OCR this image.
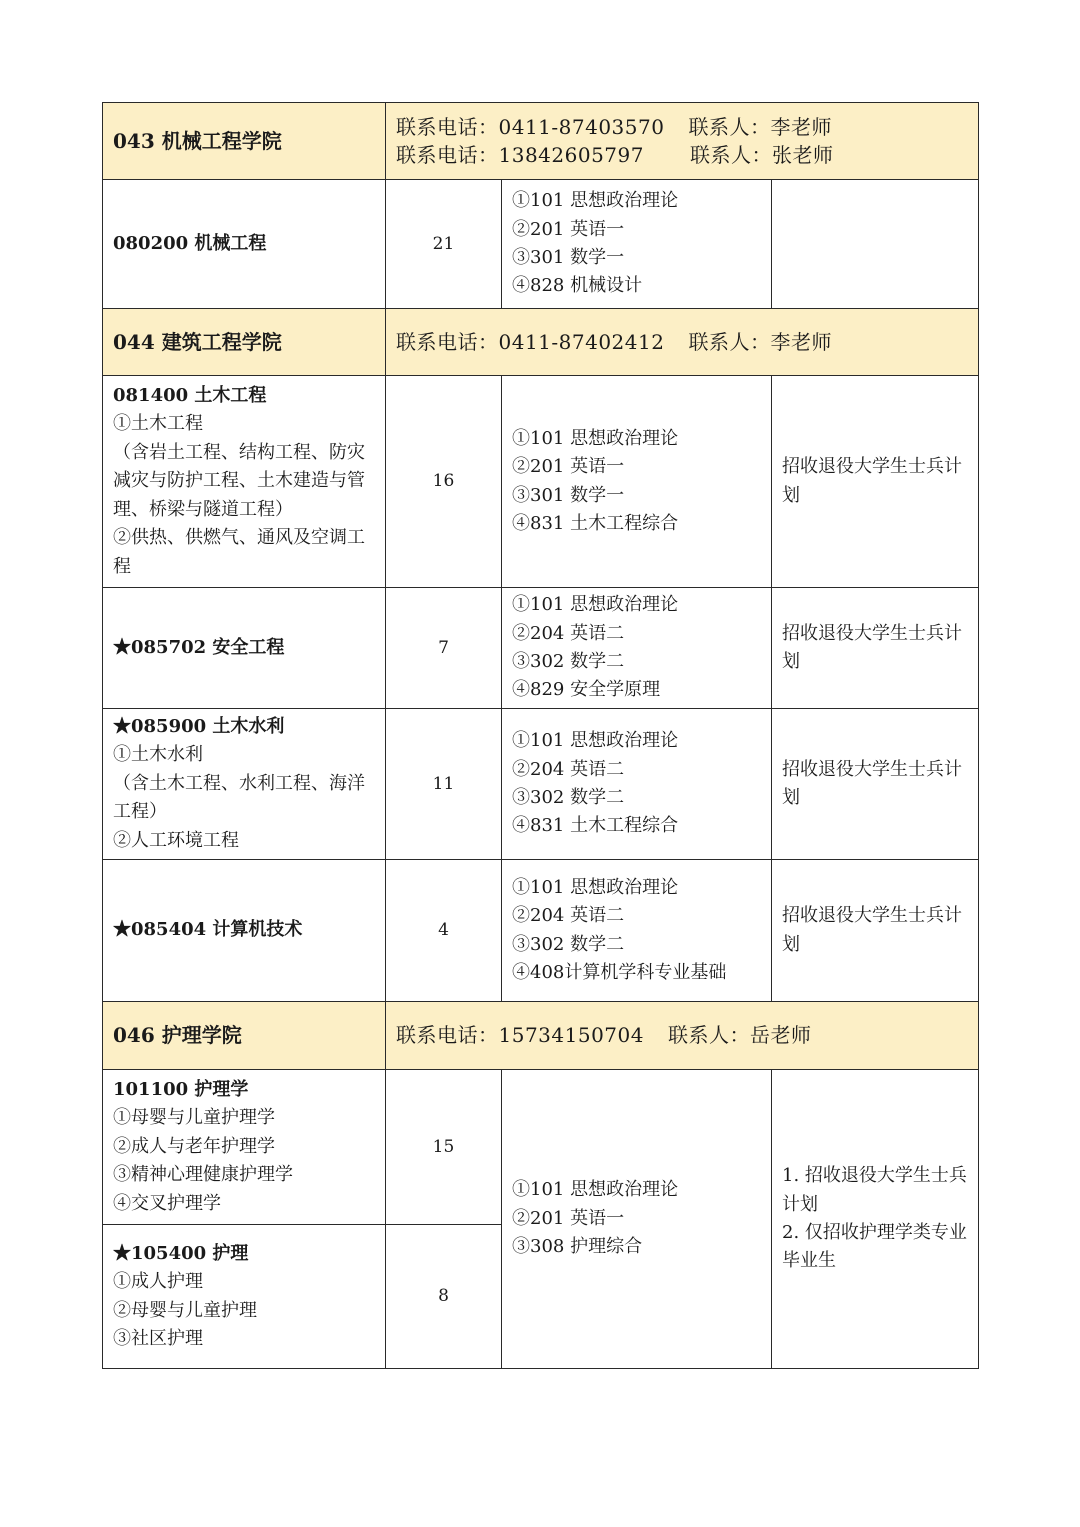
043 机械工程学院	联系电话：0411-87403570 联系人：李老师
联系电话：13842605797 联系人：张老师		

080200 机械工程	21	①101 思想政治理论
②201 英语一
③301 数学一
④828 机械设计	

044 建筑工程学院	联系电话：0411-87402412 联系人：李老师		

081400 土木工程
①土木工程
（含岩土工程、结构工程、防灾减灾与防护工程、土木建造与管理、桥梁与隧道工程）
②供热、供燃气、通风及空调工程	16	①101 思想政治理论
②201 英语一
③301 数学一
④831 土木工程综合	招收退役大学生士兵计划
★085702 安全工程	7	①101 思想政治理论
②204 英语二
③302 数学二
④829 安全学原理	招收退役大学生士兵计划

★085900 土木水利
①土木水利
（含土木工程、水利工程、海洋工程）
②人工环境工程	11	①101 思想政治理论
②204 英语二
③302 数学二
④831 土木工程综合	招收退役大学生士兵计划
★085404 计算机技术	4	①101 思想政治理论
②204 英语二
③302 数学二
④408计算机学科专业基础	招收退役大学生士兵计划
046 护理学院	联系电话：15734150704 联系人：岳老师		

101100 护理学
①母婴与儿童护理学
②成人与老年护理学
③精神心理健康护理学
④交叉护理学	15	①101 思想政治理论
②201 英语一
③308 护理综合	1. 招收退役大学生士兵计划
2. 仅招收护理学类专业毕业生

★105400 护理
①成人护理
②母婴与儿童护理
③社区护理	8		
